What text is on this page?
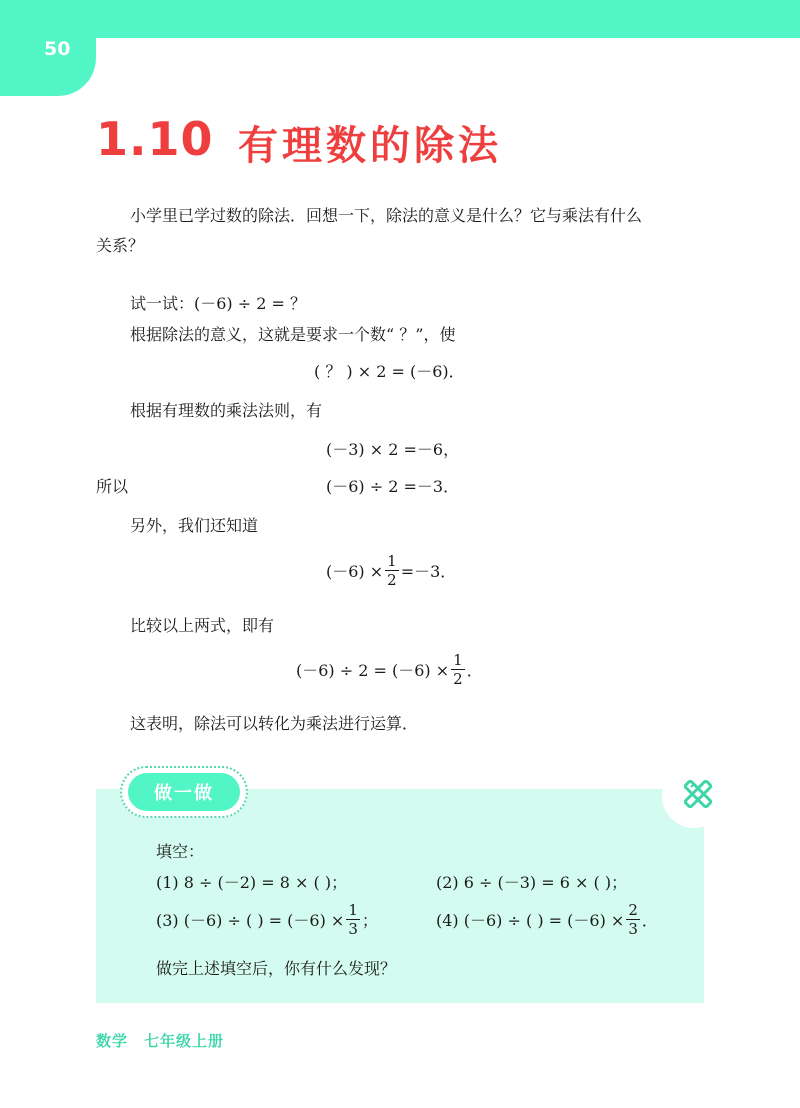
50
1.10 有理数的除法
小学里已学过数的除法．回想一下，除法的意义是什么？它与乘法有什么
关系？
试一试：(－6) ÷ 2 = ？
根据除法的意义，这就是要求一个数“ ？”，使
( ？ ) × 2 = (－6)．
根据有理数的乘法法则，有
(－3) × 2 =－6，
所以	(－6) ÷ 2 =－3．
另外，我们还知道
$(-6) \times \frac{1}{2} =-3$．
比较以上两式，即有
$(-6) \div 2 = (-6) \times \frac{1}{2}$ ．
这表明，除法可以转化为乘法进行运算．
做一做
填空：
(1) 8 ÷ (－2) = 8 × ( )；	(2) 6 ÷ (－3) = 6 × ( )；
(3) (－6) ÷ ( ) = $(-6) \times \frac{1}{3}$ ；	(4) (－6) ÷ ( ) = $(-6) \times \frac{2}{3}$ ．
做完上述填空后，你有什么发现？
数学　七年级上册
